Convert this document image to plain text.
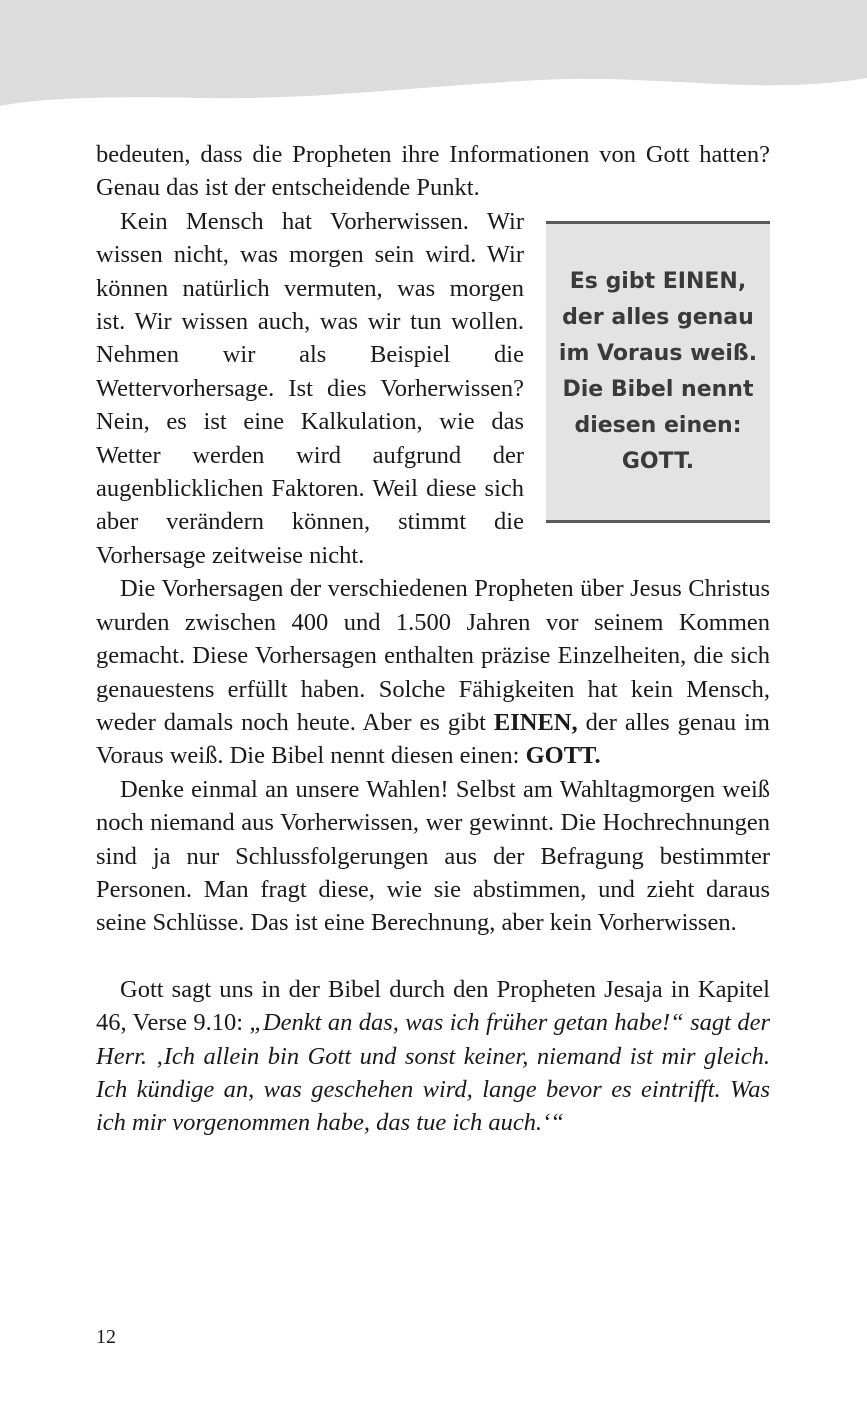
bedeuten, dass die Propheten ihre Informationen von Gott hatten? Genau das ist der entscheidende Punkt.

Es gibt EINEN,
der alles genau
im Voraus weiß.
Die Bibel nennt
diesen einen:
GOTT.
Kein Mensch hat Vorherwissen. Wir wissen nicht, was morgen sein wird. Wir können natürlich vermuten, was morgen ist. Wir wissen auch, was wir tun wollen. Nehmen wir als Beispiel die Wettervorhersage. Ist dies Vorherwissen? Nein, es ist eine Kalkulation, wie das Wetter werden wird aufgrund der augenblicklichen Faktoren. Weil diese sich aber verändern können, stimmt die Vorhersage zeitweise nicht.

Die Vorhersagen der verschiedenen Propheten über Jesus Christus wurden zwischen 400 und 1.500 Jahren vor seinem Kommen gemacht. Diese Vorhersagen enthalten präzise Einzelheiten, die sich genauestens erfüllt haben. Solche Fähigkeiten hat kein Mensch, weder damals noch heute. Aber es gibt EINEN, der alles genau im Voraus weiß. Die Bibel nennt diesen einen: GOTT.

Denke einmal an unsere Wahlen! Selbst am Wahltagmorgen weiß noch niemand aus Vorherwissen, wer gewinnt. Die Hochrechnungen sind ja nur Schlussfolgerungen aus der Befragung bestimmter Personen. Man fragt diese, wie sie abstimmen, und zieht daraus seine Schlüsse. Das ist eine Berechnung, aber kein Vorherwissen.

Gott sagt uns in der Bibel durch den Propheten Jesaja in Kapitel 46, Verse 9.10: „Denkt an das, was ich früher getan habe!“ sagt der Herr. ‚Ich allein bin Gott und sonst keiner, niemand ist mir gleich. Ich kündige an, was geschehen wird, lange bevor es eintrifft. Was ich mir vorgenommen habe, das tue ich auch.‘“

12
